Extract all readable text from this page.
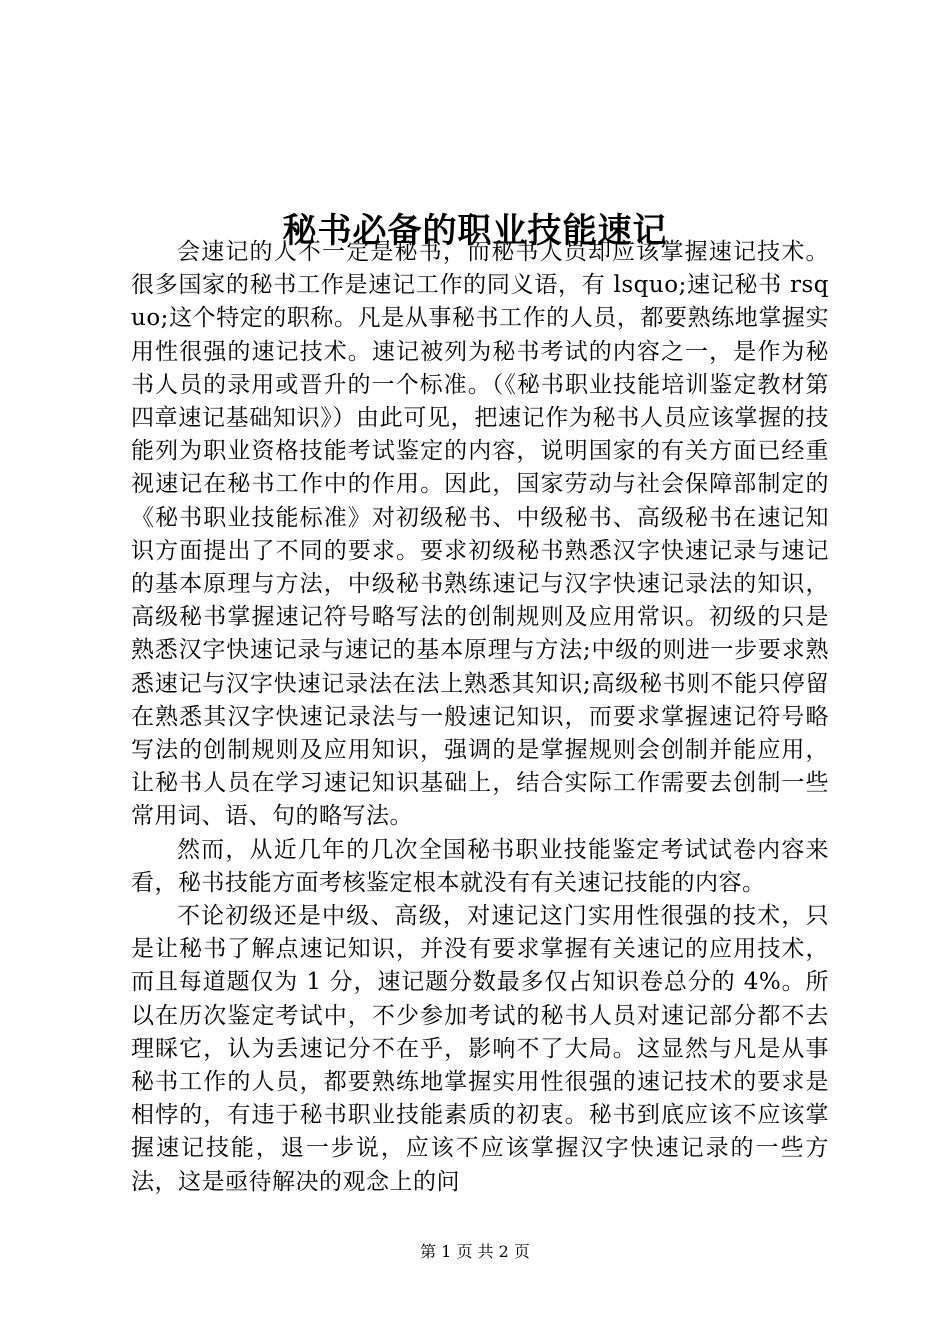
秘书必备的职业技能速记

会速记的人不一定是秘书，而秘书人员却应该掌握速记技术。很多国家的秘书工作是速记工作的同义语，有 lsquo;速记秘书 rsquo;这个特定的职称。凡是从事秘书工作的人员，都要熟练地掌握实用性很强的速记技术。速记被列为秘书考试的内容之一，是作为秘书人员的录用或晋升的一个标准。（《秘书职业技能培训鉴定教材第四章速记基础知识》）由此可见，把速记作为秘书人员应该掌握的技能列为职业资格技能考试鉴定的内容，说明国家的有关方面已经重视速记在秘书工作中的作用。因此，国家劳动与社会保障部制定的《秘书职业技能标准》对初级秘书、中级秘书、高级秘书在速记知识方面提出了不同的要求。要求初级秘书熟悉汉字快速记录与速记的基本原理与方法，中级秘书熟练速记与汉字快速记录法的知识，高级秘书掌握速记符号略写法的创制规则及应用常识。初级的只是熟悉汉字快速记录与速记的基本原理与方法;中级的则进一步要求熟悉速记与汉字快速记录法在法上熟悉其知识;高级秘书则不能只停留在熟悉其汉字快速记录法与一般速记知识，而要求掌握速记符号略写法的创制规则及应用知识，强调的是掌握规则会创制并能应用，让秘书人员在学习速记知识基础上，结合实际工作需要去创制一些常用词、语、句的略写法。

然而，从近几年的几次全国秘书职业技能鉴定考试试卷内容来看，秘书技能方面考核鉴定根本就没有有关速记技能的内容。

不论初级还是中级、高级，对速记这门实用性很强的技术，只是让秘书了解点速记知识，并没有要求掌握有关速记的应用技术，而且每道题仅为 1 分，速记题分数最多仅占知识卷总分的 4%。所以在历次鉴定考试中，不少参加考试的秘书人员对速记部分都不去理睬它，认为丢速记分不在乎，影响不了大局。这显然与凡是从事秘书工作的人员，都要熟练地掌握实用性很强的速记技术的要求是相悖的，有违于秘书职业技能素质的初衷。秘书到底应该不应该掌握速记技能，退一步说，应该不应该掌握汉字快速记录的一些方法，这是亟待解决的观念上的问

第 1 页 共 2 页
